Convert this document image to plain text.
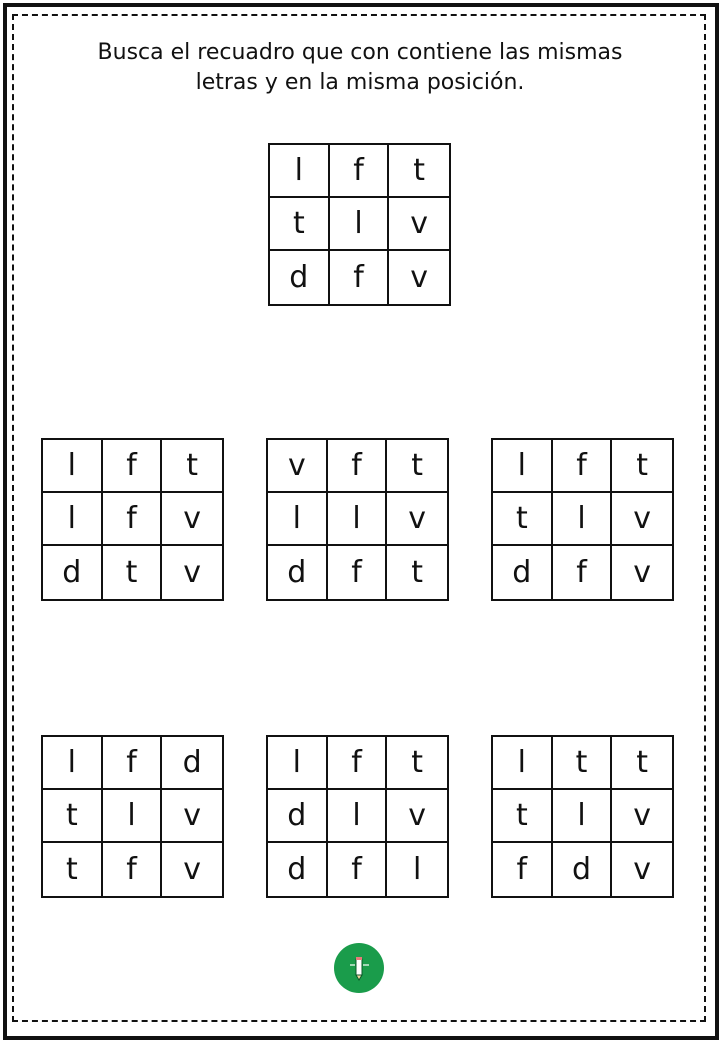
Busca el recuadro que con contiene las mismas
letras y en la misma posición.
l	f	t
t	l	v
d	f	v
l	f	t
l	f	v
d	t	v
v	f	t
l	l	v
d	f	t
l	f	t
t	l	v
d	f	v
l	f	d
t	l	v
t	f	v
l	f	t
d	l	v
d	f	l
l	t	t
t	l	v
f	d	v
